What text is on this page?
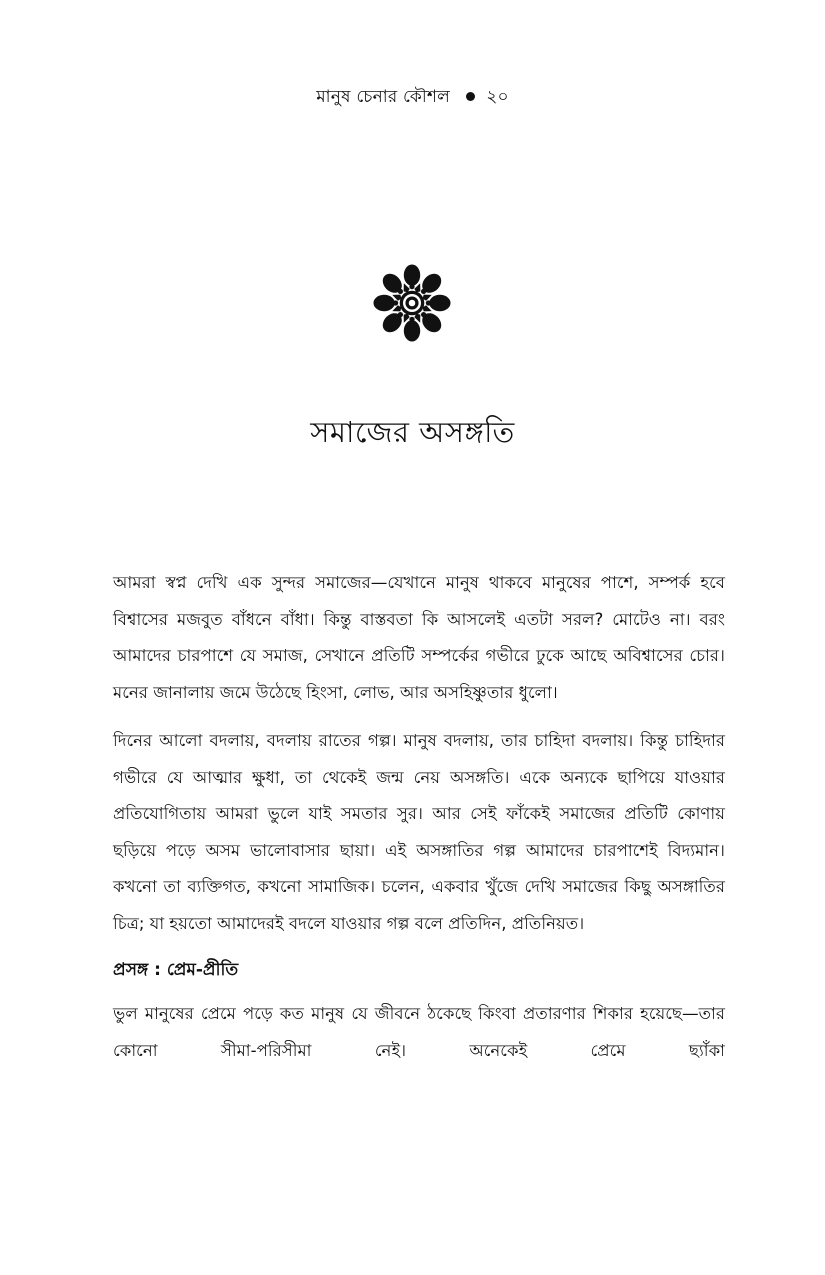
মানুষ চেনার কৌশল ২০
সমাজের অসঙ্গতি

আমরা স্বপ্ন দেখি এক সুন্দর সমাজের—যেখানে মানুষ থাকবে মানুষের পাশে, সম্পর্ক হবে বিশ্বাসের মজবুত বাঁধনে বাঁধা। কিন্তু বাস্তবতা কি আসলেই এতটা সরল? মোটেও না। বরং আমাদের চারপাশে যে সমাজ, সেখানে প্রতিটি সম্পর্কের গভীরে ঢুকে আছে অবিশ্বাসের চোর। মনের জানালায় জমে উঠেছে হিংসা, লোভ, আর অসহিষ্ণুতার ধুলো।

দিনের আলো বদলায়, বদলায় রাতের গল্প। মানুষ বদলায়, তার চাহিদা বদলায়। কিন্তু চাহিদার গভীরে যে আত্মার ক্ষুধা, তা থেকেই জন্ম নেয় অসঙ্গতি। একে অন্যকে ছাপিয়ে যাওয়ার প্রতিযোগিতায় আমরা ভুলে যাই সমতার সুর। আর সেই ফাঁকেই সমাজের প্রতিটি কোণায় ছড়িয়ে পড়ে অসম ভালোবাসার ছায়া। এই অসঙ্গাতির গল্প আমাদের চারপাশেই বিদ্যমান। কখনো তা ব্যক্তিগত, কখনো সামাজিক। চলেন, একবার খুঁজে দেখি সমাজের কিছু অসঙ্গাতির চিত্র; যা হয়তো আমাদেরই বদলে যাওয়ার গল্প বলে প্রতিদিন, প্রতিনিয়ত।

প্রসঙ্গ : প্রেম-প্রীতি

ভুল মানুষের প্রেমে পড়ে কত মানুষ যে জীবনে ঠকেছে কিংবা প্রতারণার শিকার হয়েছে—তার কোনো সীমা-পরিসীমা নেই। অনেকেই প্রেমে ছ্যাঁকা
